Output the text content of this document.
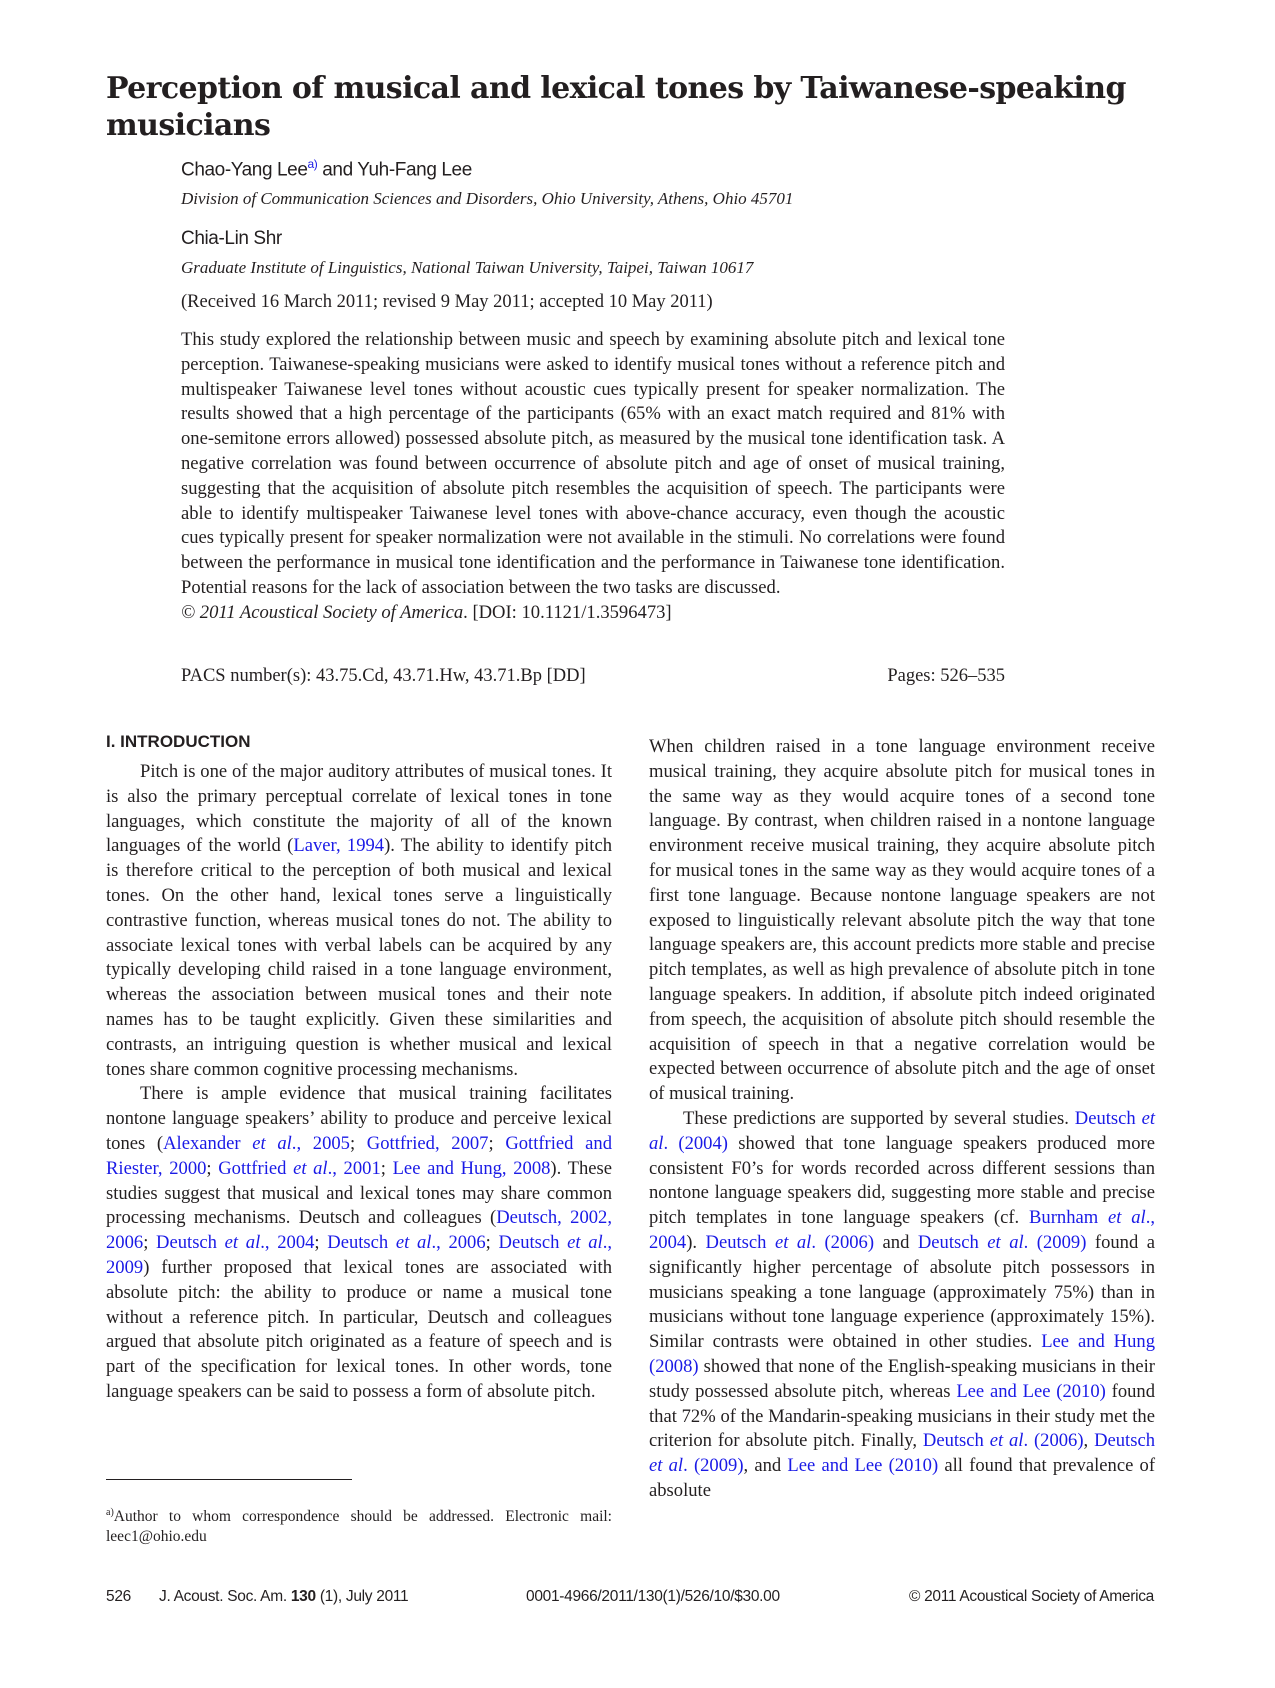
Perception of musical and lexical tones by Taiwanese-speaking musicians
Chao-Yang Lee$^{a)}$ and Yuh-Fang Lee
Division of Communication Sciences and Disorders, Ohio University, Athens, Ohio 45701
Chia-Lin Shr
Graduate Institute of Linguistics, National Taiwan University, Taipei, Taiwan 10617
(Received 16 March 2011; revised 9 May 2011; accepted 10 May 2011)
This study explored the relationship between music and speech by examining absolute pitch and lexical tone perception. Taiwanese-speaking musicians were asked to identify musical tones without a reference pitch and multispeaker Taiwanese level tones without acoustic cues typically present for speaker normalization. The results showed that a high percentage of the participants (65% with an exact match required and 81% with one-semitone errors allowed) possessed absolute pitch, as measured by the musical tone identification task. A negative correlation was found between occurrence of absolute pitch and age of onset of musical training, suggesting that the acquisition of absolute pitch resembles the acquisition of speech. The participants were able to identify multispeaker Taiwanese level tones with above-chance accuracy, even though the acoustic cues typically present for speaker normalization were not available in the stimuli. No correlations were found between the performance in musical tone identification and the performance in Taiwanese tone identification. Potential reasons for the lack of association between the two tasks are discussed.
© 2011 Acoustical Society of America. [DOI: 10.1121/1.3596473]
PACS number(s): 43.75.Cd, 43.71.Hw, 43.71.Bp [DD]	Pages: 526–535
I. INTRODUCTION

Pitch is one of the major auditory attributes of musical tones. It is also the primary perceptual correlate of lexical tones in tone languages, which constitute the majority of all of the known languages of the world (Laver, 1994). The ability to identify pitch is therefore critical to the perception of both musical and lexical tones. On the other hand, lexical tones serve a linguistically contrastive function, whereas musical tones do not. The ability to associate lexical tones with verbal labels can be acquired by any typically developing child raised in a tone language environment, whereas the association between musical tones and their note names has to be taught explicitly. Given these similarities and contrasts, an intriguing question is whether musical and lexical tones share common cognitive processing mechanisms.

There is ample evidence that musical training facilitates nontone language speakers’ ability to produce and perceive lexical tones (Alexander et al., 2005; Gottfried, 2007; Gottfried and Riester, 2000; Gottfried et al., 2001; Lee and Hung, 2008). These studies suggest that musical and lexical tones may share common processing mechanisms. Deutsch and colleagues (Deutsch, 2002, 2006; Deutsch et al., 2004; Deutsch et al., 2006; Deutsch et al., 2009) further proposed that lexical tones are associated with absolute pitch: the ability to produce or name a musical tone without a reference pitch. In particular, Deutsch and colleagues argued that absolute pitch originated as a feature of speech and is part of the specification for lexical tones. In other words, tone language speakers can be said to possess a form of absolute pitch.

When children raised in a tone language environment receive musical training, they acquire absolute pitch for musical tones in the same way as they would acquire tones of a second tone language. By contrast, when children raised in a nontone language environment receive musical training, they acquire absolute pitch for musical tones in the same way as they would acquire tones of a first tone language. Because nontone language speakers are not exposed to linguistically relevant absolute pitch the way that tone language speakers are, this account predicts more stable and precise pitch templates, as well as high prevalence of absolute pitch in tone language speakers. In addition, if absolute pitch indeed originated from speech, the acquisition of absolute pitch should resemble the acquisition of speech in that a negative correlation would be expected between occurrence of absolute pitch and the age of onset of musical training.

These predictions are supported by several studies. Deutsch et al. (2004) showed that tone language speakers produced more consistent F0’s for words recorded across different sessions than nontone language speakers did, suggesting more stable and precise pitch templates in tone language speakers (cf. Burnham et al., 2004). Deutsch et al. (2006) and Deutsch et al. (2009) found a significantly higher percentage of absolute pitch possessors in musicians speaking a tone language (approximately 75%) than in musicians without tone language experience (approximately 15%). Similar contrasts were obtained in other studies. Lee and Hung (2008) showed that none of the English-speaking musicians in their study possessed absolute pitch, whereas Lee and Lee (2010) found that 72% of the Mandarin-speaking musicians in their study met the criterion for absolute pitch. Finally, Deutsch et al. (2006), Deutsch et al. (2009), and Lee and Lee (2010) all found that prevalence of absolute

$^{a)}$Author to whom correspondence should be addressed. Electronic mail: leec1@ohio.edu
526 J. Acoust. Soc. Am. 130 (1), July 2011	0001-4966/2011/130(1)/526/10/$30.00	© 2011 Acoustical Society of America
